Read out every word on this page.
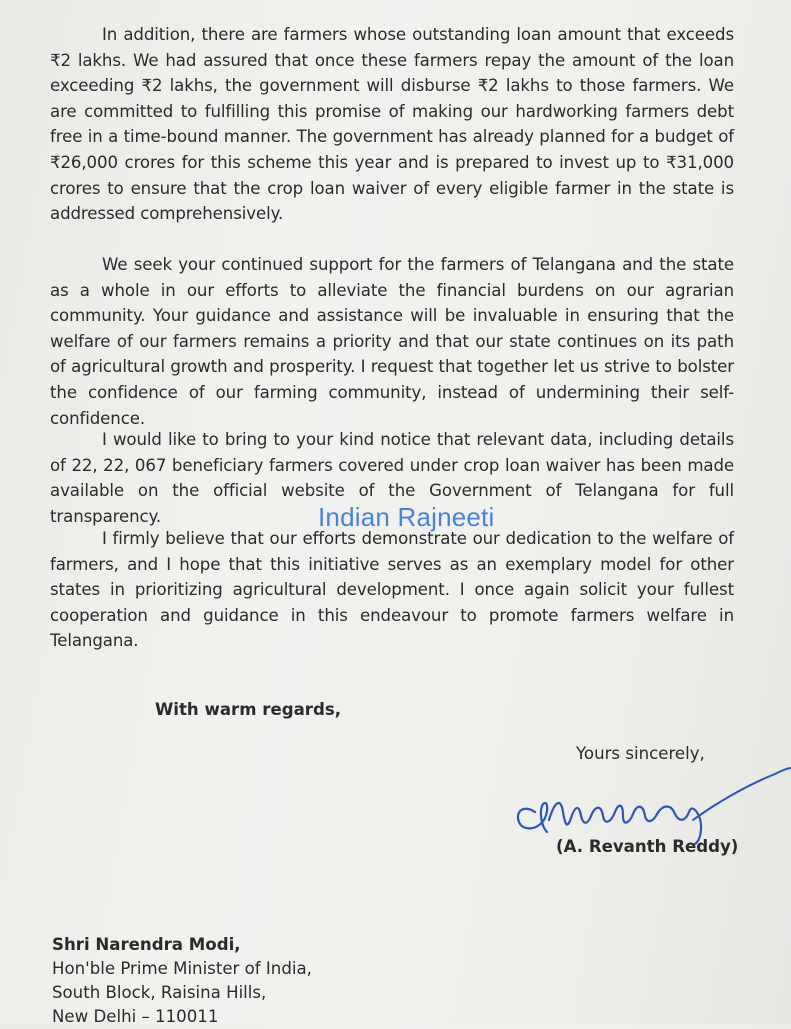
In addition, there are farmers whose outstanding loan amount that exceeds ₹2 lakhs. We had assured that once these farmers repay the amount of the loan exceeding ₹2 lakhs, the government will disburse ₹2 lakhs to those farmers. We are committed to fulfilling this promise of making our hardworking farmers debt free in a time-bound manner. The government has already planned for a budget of ₹26,000 crores for this scheme this year and is prepared to invest up to ₹31,000 crores to ensure that the crop loan waiver of every eligible farmer in the state is addressed comprehensively.
We seek your continued support for the farmers of Telangana and the state as a whole in our efforts to alleviate the financial burdens on our agrarian community. Your guidance and assistance will be invaluable in ensuring that the welfare of our farmers remains a priority and that our state continues on its path of agricultural growth and prosperity. I request that together let us strive to bolster the confidence of our farming community, instead of undermining their self-confidence.
I would like to bring to your kind notice that relevant data, including details of 22, 22, 067 beneficiary farmers covered under crop loan waiver has been made available on the official website of the Government of Telangana for full transparency.
I firmly believe that our efforts demonstrate our dedication to the welfare of farmers, and I hope that this initiative serves as an exemplary model for other states in prioritizing agricultural development. I once again solicit your fullest cooperation and guidance in this endeavour to promote farmers welfare in Telangana.
Indian Rajneeti
With warm regards,
Yours sincerely,
(A. Revanth Reddy)
Shri Narendra Modi,
Hon'ble Prime Minister of India,
South Block, Raisina Hills,
New Delhi – 110011
